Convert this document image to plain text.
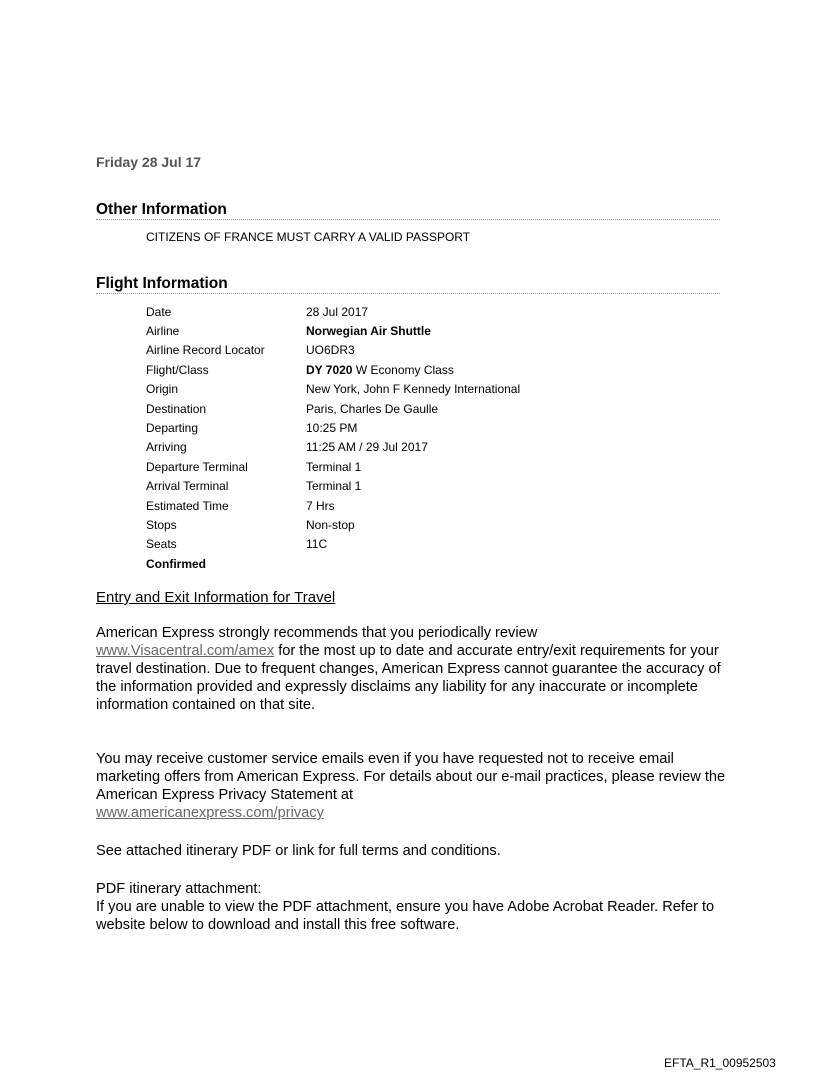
Friday 28 Jul 17
Other Information
CITIZENS OF FRANCE MUST CARRY A VALID PASSPORT
Flight Information
Date	28 Jul 2017
Airline	Norwegian Air Shuttle
Airline Record Locator	UO6DR3
Flight/Class	DY 7020 W Economy Class
Origin	New York, John F Kennedy International
Destination	Paris, Charles De Gaulle
Departing	10:25 PM
Arriving	11:25 AM / 29 Jul 2017
Departure Terminal	Terminal 1
Arrival Terminal	Terminal 1
Estimated Time	7 Hrs
Stops	Non-stop
Seats	11C
Confirmed	
Entry and Exit Information for Travel
American Express strongly recommends that you periodically review
www.Visacentral.com/amex for the most up to date and accurate entry/exit requirements for your travel destination. Due to frequent changes, American Express cannot guarantee the accuracy of the information provided and expressly disclaims any liability for any inaccurate or incomplete information contained on that site.
You may receive customer service emails even if you have requested not to receive email marketing offers from American Express. For details about our e-mail practices, please review the American Express Privacy Statement at
www.americanexpress.com/privacy
See attached itinerary PDF or link for full terms and conditions.
PDF itinerary attachment:
If you are unable to view the PDF attachment, ensure you have Adobe Acrobat Reader. Refer to website below to download and install this free software.
EFTA_R1_00952503
